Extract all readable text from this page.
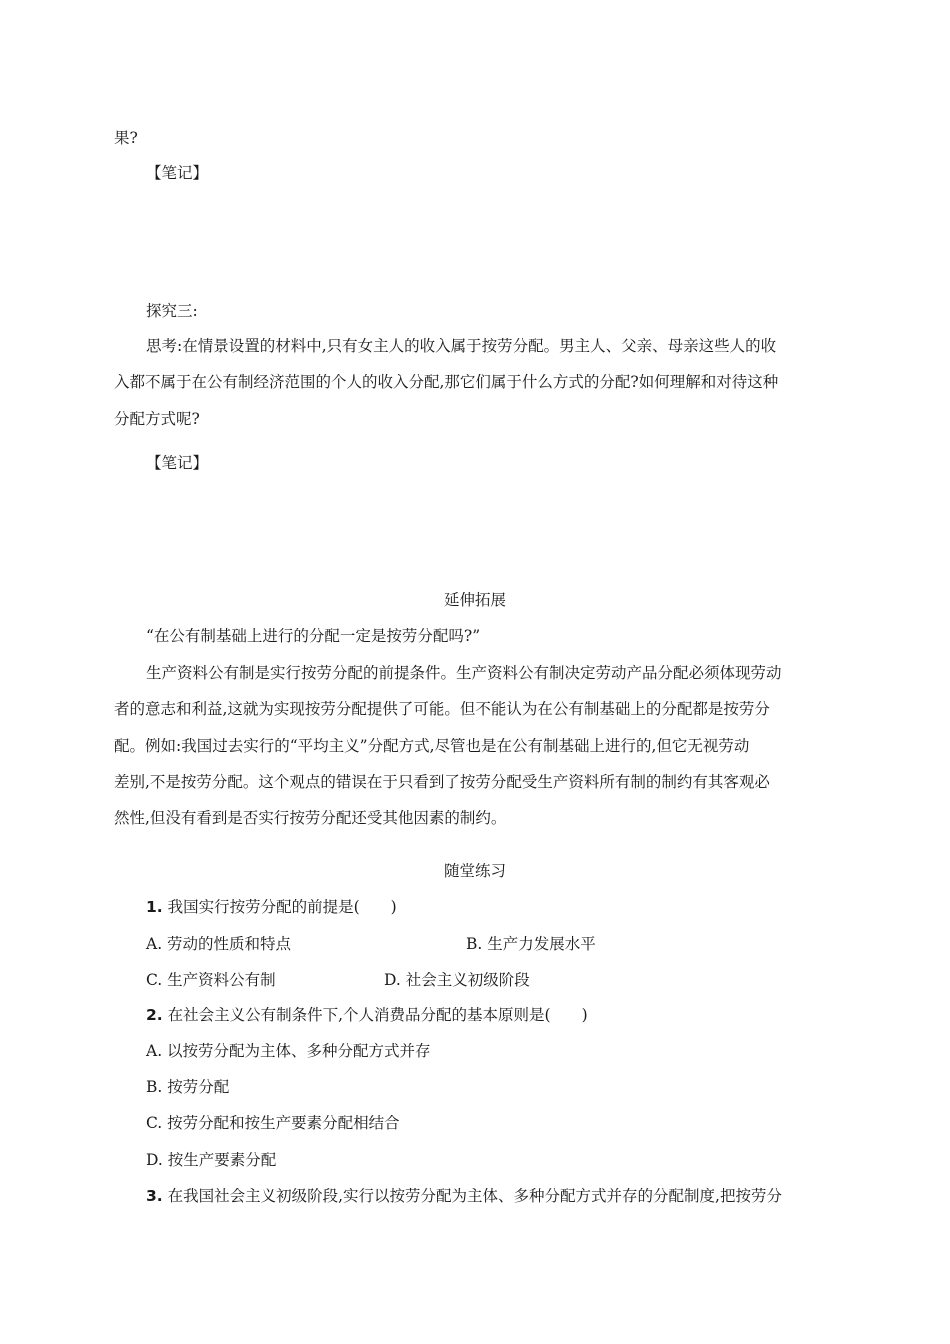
果?
【笔记】
探究三:
思考:在情景设置的材料中,只有女主人的收入属于按劳分配。男主人、父亲、母亲这些人的收
入都不属于在公有制经济范围的个人的收入分配,那它们属于什么方式的分配?如何理解和对待这种
分配方式呢?
【笔记】
延伸拓展
“在公有制基础上进行的分配一定是按劳分配吗?”
生产资料公有制是实行按劳分配的前提条件。生产资料公有制决定劳动产品分配必须体现劳动
者的意志和利益,这就为实现按劳分配提供了可能。但不能认为在公有制基础上的分配都是按劳分
配。例如:我国过去实行的“平均主义”分配方式,尽管也是在公有制基础上进行的,但它无视劳动
差别,不是按劳分配。这个观点的错误在于只看到了按劳分配受生产资料所有制的制约有其客观必
然性,但没有看到是否实行按劳分配还受其他因素的制约。
随堂练习
1. 我国实行按劳分配的前提是(　　)
A. 劳动的性质和特点	B. 生产力发展水平
C. 生产资料公有制	D. 社会主义初级阶段
2. 在社会主义公有制条件下,个人消费品分配的基本原则是(　　)
A. 以按劳分配为主体、多种分配方式并存
B. 按劳分配
C. 按劳分配和按生产要素分配相结合
D. 按生产要素分配
3. 在我国社会主义初级阶段,实行以按劳分配为主体、多种分配方式并存的分配制度,把按劳分
